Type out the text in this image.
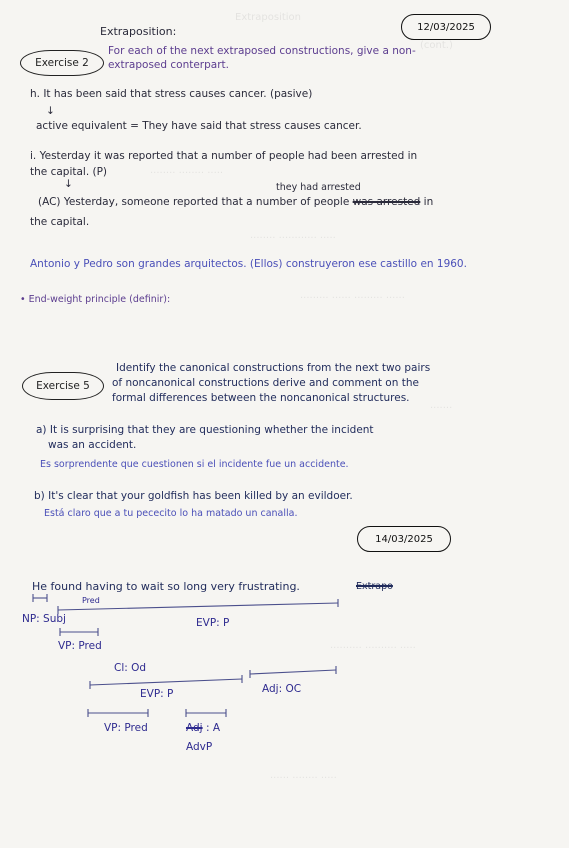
Extraposition
(cont.)
........ ........ .....
........ ............ .....
......... ...... ......... ......
.......
.......... .......... .....
...... ........ .....
Extraposition:	12/03/2025
Exercise 2
For each of the next extraposed constructions, give a non-
extraposed conterpart.
h. It has been said that stress causes cancer. (pasive)
↓
active equivalent = They have said that stress causes cancer.
i. Yesterday it was reported that a number of people had been arrested in
the capital. (P)
↓	they had arrested
(AC) Yesterday, someone reported that a number of people was arrested in
the capital.
Antonio y Pedro son grandes arquitectos. (Ellos) construyeron ese castillo en 1960.
• End-weight principle (definir):
Exercise 5
Identify the canonical constructions from the next two pairs
of noncanonical constructions derive and comment on the
formal differences between the noncanonical structures.
a) It is surprising that they are questioning whether the incident
was an accident.
Es sorprendente que cuestionen si el incidente fue un accidente.
b) It's clear that your goldfish has been killed by an evildoer.
Está claro que a tu pececito lo ha matado un canalla.
14/03/2025
He found having to wait so long very frustrating.	Extrapo
NP: Subj
Pred
EVP: P
VP: Pred
Cl: Od
EVP: P	Adj: OC
VP: Pred	Adj : A
AdvP
